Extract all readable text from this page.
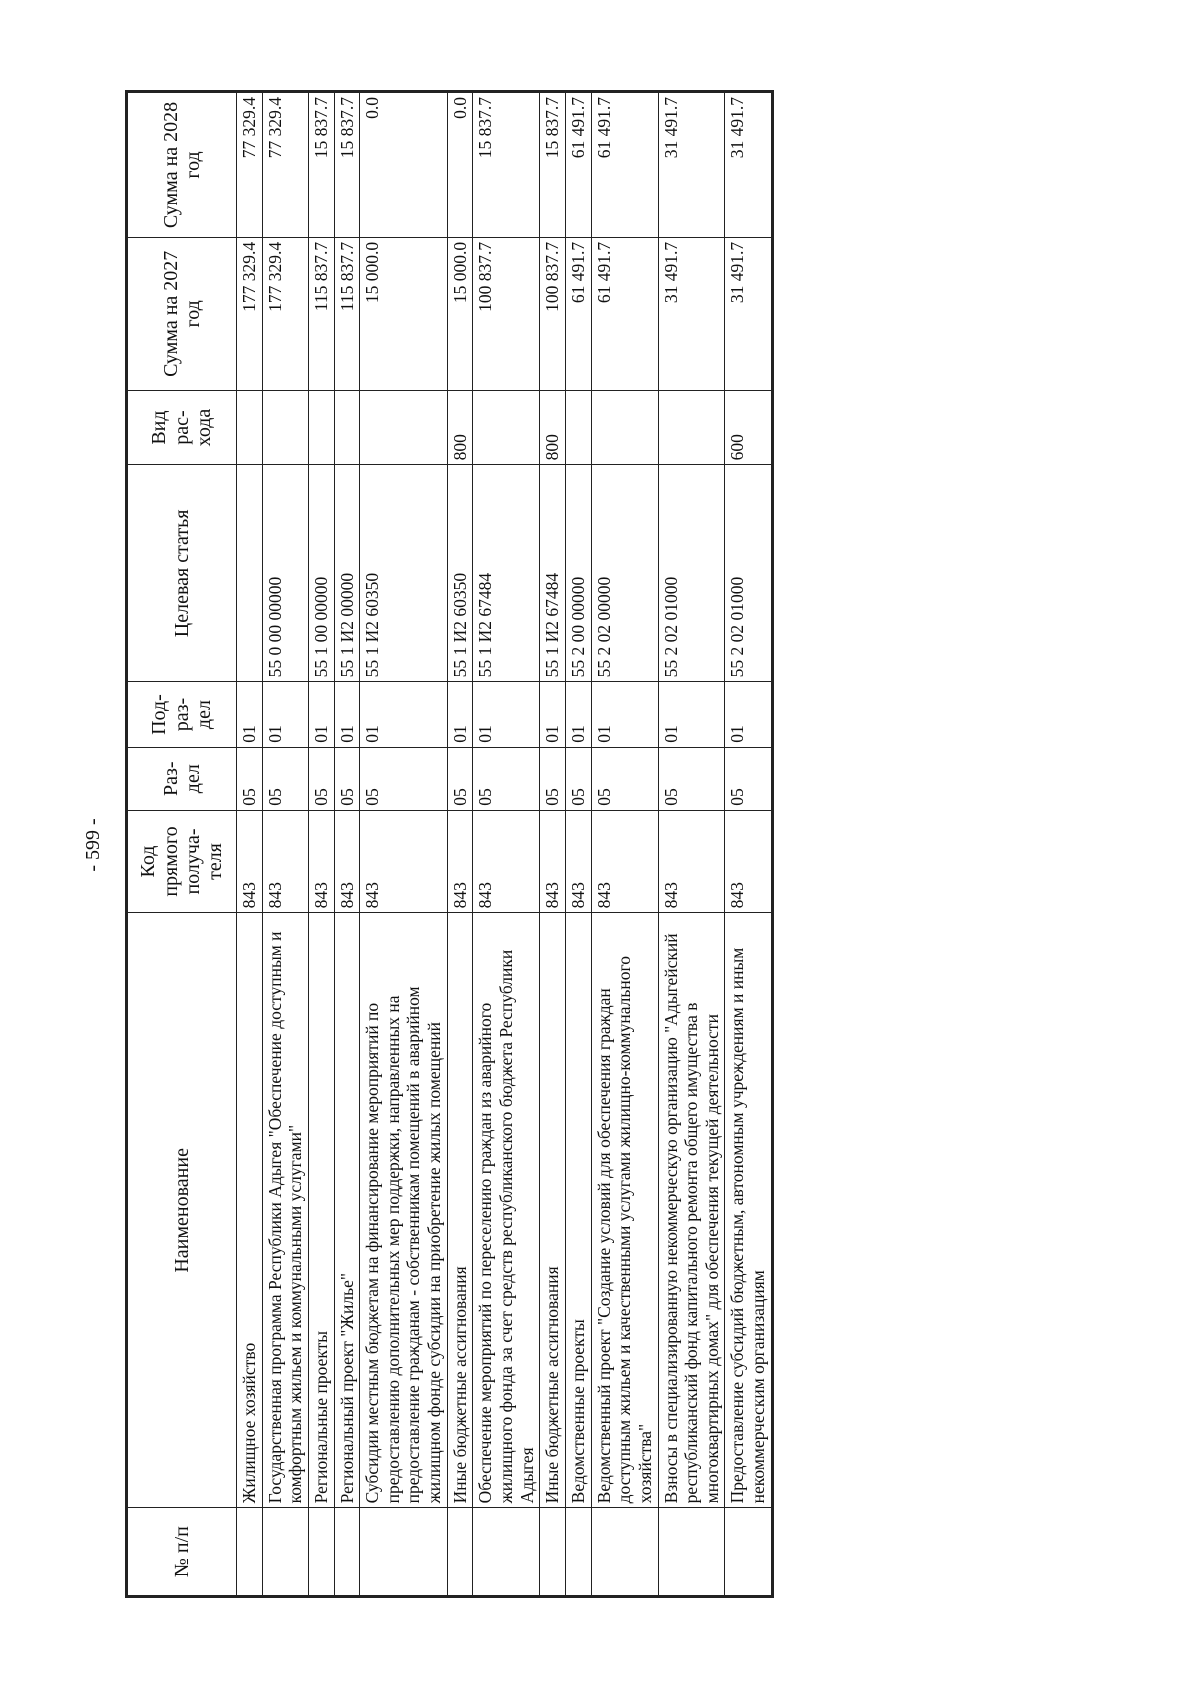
- 599 -
№ п/п	Наименование	Код прямого получа- теля	Раз- дел	Под- раз- дел	Целевая статья	Вид рас- хода	Сумма на 2027 год	Сумма на 2028 год
	Жилищное хозяйство	843	05	01			177 329.4	77 329.4
	Государственная программа Республики Адыгея "Обеспечение доступным и комфортным жильем и коммунальными услугами"	843	05	01	55 0 00 00000		177 329.4	77 329.4
	Региональные проекты	843	05	01	55 1 00 00000		115 837.7	15 837.7
	Региональный проект "Жилье"	843	05	01	55 1 И2 00000		115 837.7	15 837.7
	Субсидии местным бюджетам на финансирование мероприятий по предоставлению дополнительных мер поддержки, направленных на предоставление гражданам - собственникам помещений в аварийном жилищном фонде субсидии на приобретение жилых помещений	843	05	01	55 1 И2 60350		15 000.0	0.0
	Иные бюджетные ассигнования	843	05	01	55 1 И2 60350	800	15 000.0	0.0
	Обеспечение мероприятий по переселению граждан из аварийного жилищного фонда за счет средств республиканского бюджета Республики Адыгея	843	05	01	55 1 И2 67484		100 837.7	15 837.7
	Иные бюджетные ассигнования	843	05	01	55 1 И2 67484	800	100 837.7	15 837.7
	Ведомственные проекты	843	05	01	55 2 00 00000		61 491.7	61 491.7
	Ведомственный проект "Создание условий для обеспечения граждан доступным жильем и качественными услугами жилищно-коммунального хозяйства"	843	05	01	55 2 02 00000		61 491.7	61 491.7
	Взносы в специализированную некоммерческую организацию "Адыгейский республиканский фонд капитального ремонта общего имущества в многоквартирных домах" для обеспечения текущей деятельности	843	05	01	55 2 02 01000		31 491.7	31 491.7
	Предоставление субсидий бюджетным, автономным учреждениям и иным некоммерческим организациям	843	05	01	55 2 02 01000	600	31 491.7	31 491.7
